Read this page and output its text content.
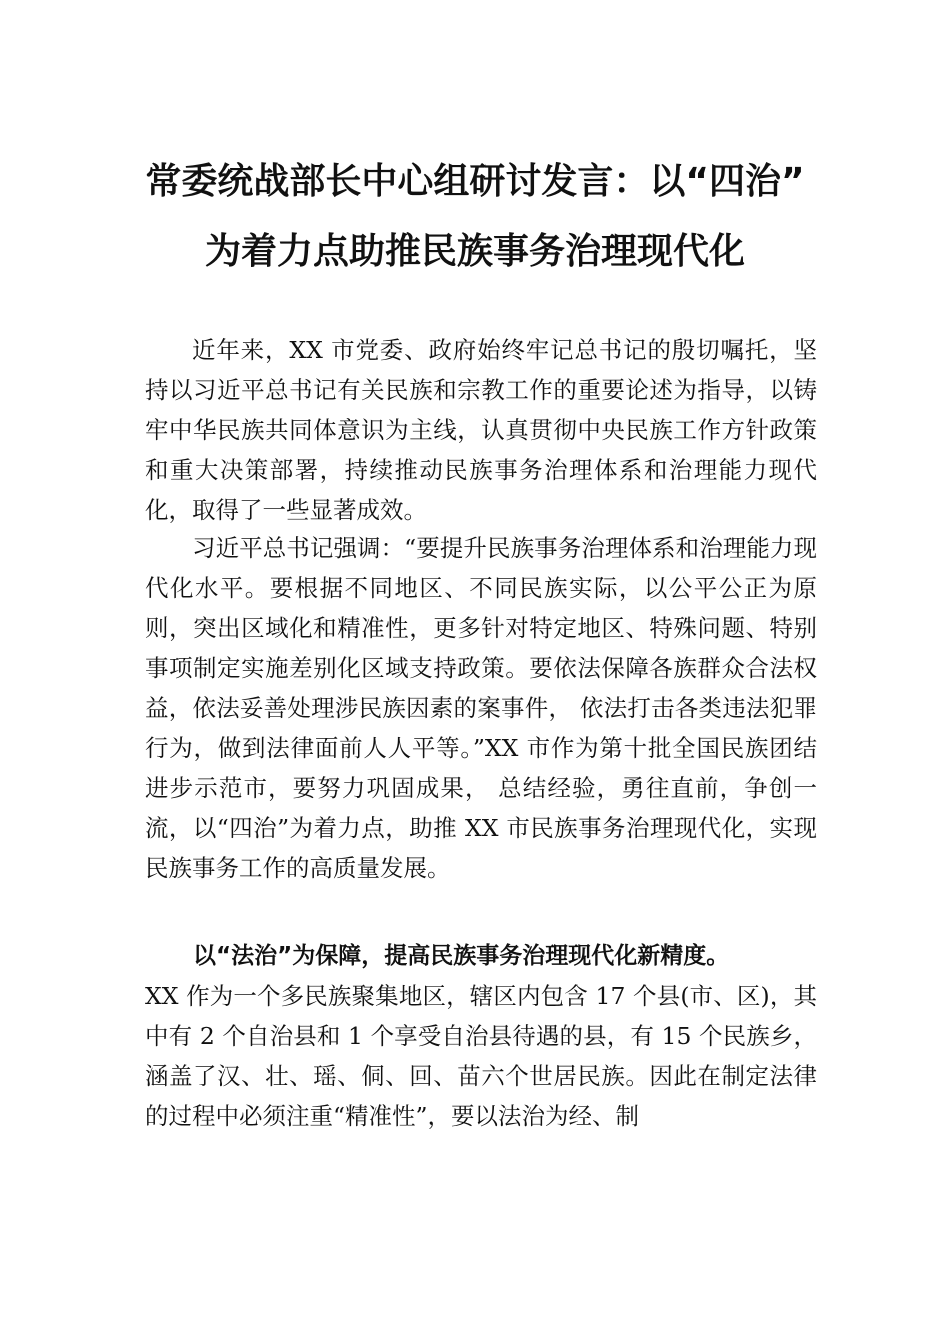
常委统战部长中心组研讨发言：以“四治”
为着力点助推民族事务治理现代化
近年来，XX 市党委、政府始终牢记总书记的殷切嘱托，坚持以习近平总书记有关民族和宗教工作的重要论述为指导，以铸牢中华民族共同体意识为主线，认真贯彻中央民族工作方针政策和重大决策部署，持续推动民族事务治理体系和治理能力现代化，取得了一些显著成效。
习近平总书记强调：“要提升民族事务治理体系和治理能力现代化水平。要根据不同地区、不同民族实际，以公平公正为原则，突出区域化和精准性，更多针对特定地区、特殊问题、特别事项制定实施差别化区域支持政策。要依法保障各族群众合法权益，依法妥善处理涉民族因素的案事件， 依法打击各类违法犯罪行为，做到法律面前人人平等。”XX 市作为第十批全国民族团结进步示范市，要努力巩固成果， 总结经验，勇往直前，争创一流，以“四治”为着力点，助推 XX 市民族事务治理现代化，实现民族事务工作的高质量发展。
以“法治”为保障，提高民族事务治理现代化新精度。
XX 作为一个多民族聚集地区，辖区内包含 17 个县(市、区)，其中有 2 个自治县和 1 个享受自治县待遇的县，有 15 个民族乡，涵盖了汉、壮、瑶、侗、回、苗六个世居民族。因此在制定法律的过程中必须注重“精准性”，要以法治为经、制
